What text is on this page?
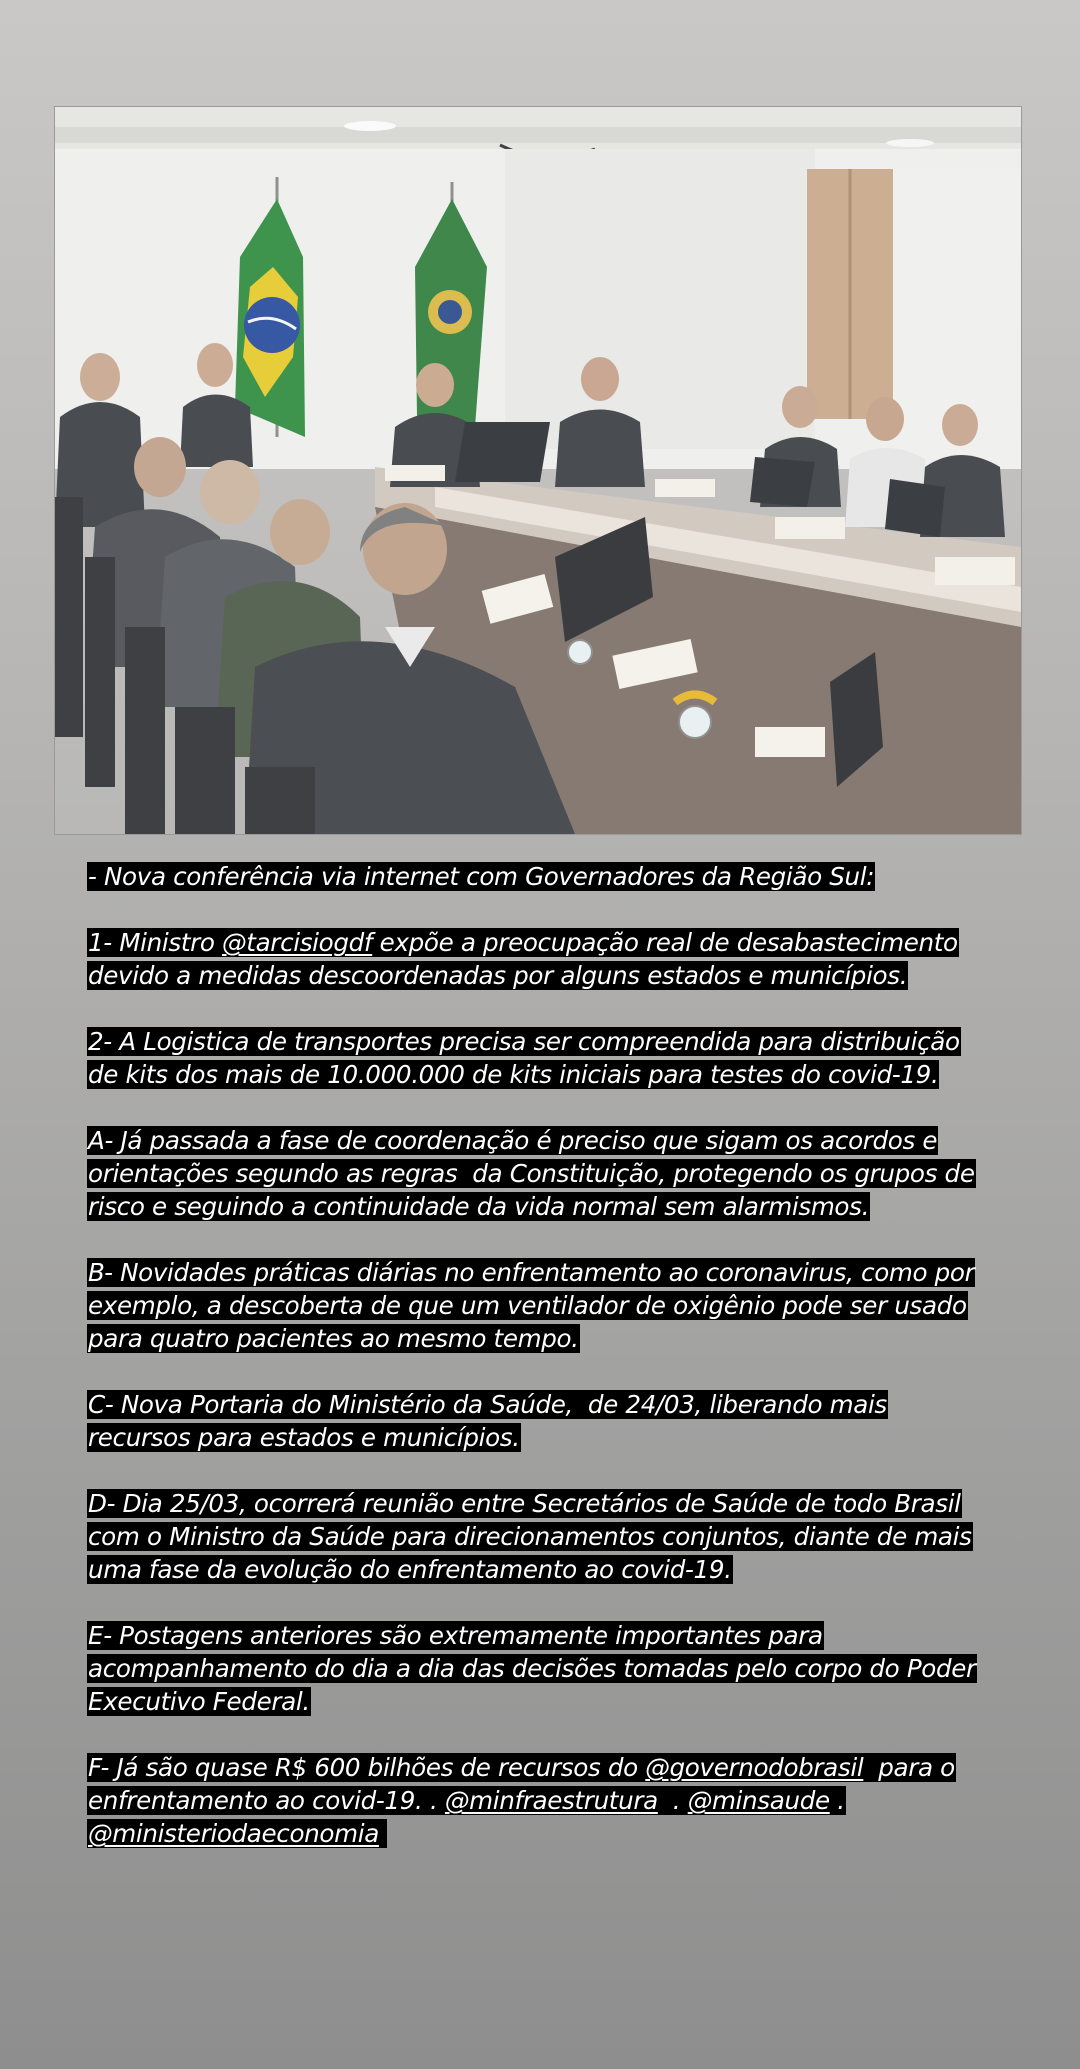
- Nova conferência via internet com Governadores da Região Sul:
1- Ministro @tarcisiogdf expõe a preocupação real de desabastecimento
devido a medidas descoordenadas por alguns estados e municípios.
2- A Logistica de transportes precisa ser compreendida para distribuição
de kits dos mais de 10.000.000 de kits iniciais para testes do covid-19.
A- Já passada a fase de coordenação é preciso que sigam os acordos e
orientações segundo as regras  da Constituição, protegendo os grupos de
risco e seguindo a continuidade da vida normal sem alarmismos.
B- Novidades práticas diárias no enfrentamento ao coronavirus, como por
exemplo, a descoberta de que um ventilador de oxigênio pode ser usado
para quatro pacientes ao mesmo tempo.
C- Nova Portaria do Ministério da Saúde,  de 24/03, liberando mais
recursos para estados e municípios.
D- Dia 25/03, ocorrerá reunião entre Secretários de Saúde de todo Brasil
com o Ministro da Saúde para direcionamentos conjuntos, diante de mais
uma fase da evolução do enfrentamento ao covid-19.
E- Postagens anteriores são extremamente importantes para
acompanhamento do dia a dia das decisões tomadas pelo corpo do Poder
Executivo Federal.
F- Já são quase R$ 600 bilhões de recursos do @governodobrasil  para o
enfrentamento ao covid-19. . @minfraestrutura  . @minsaude .
@ministeriodaeconomia
